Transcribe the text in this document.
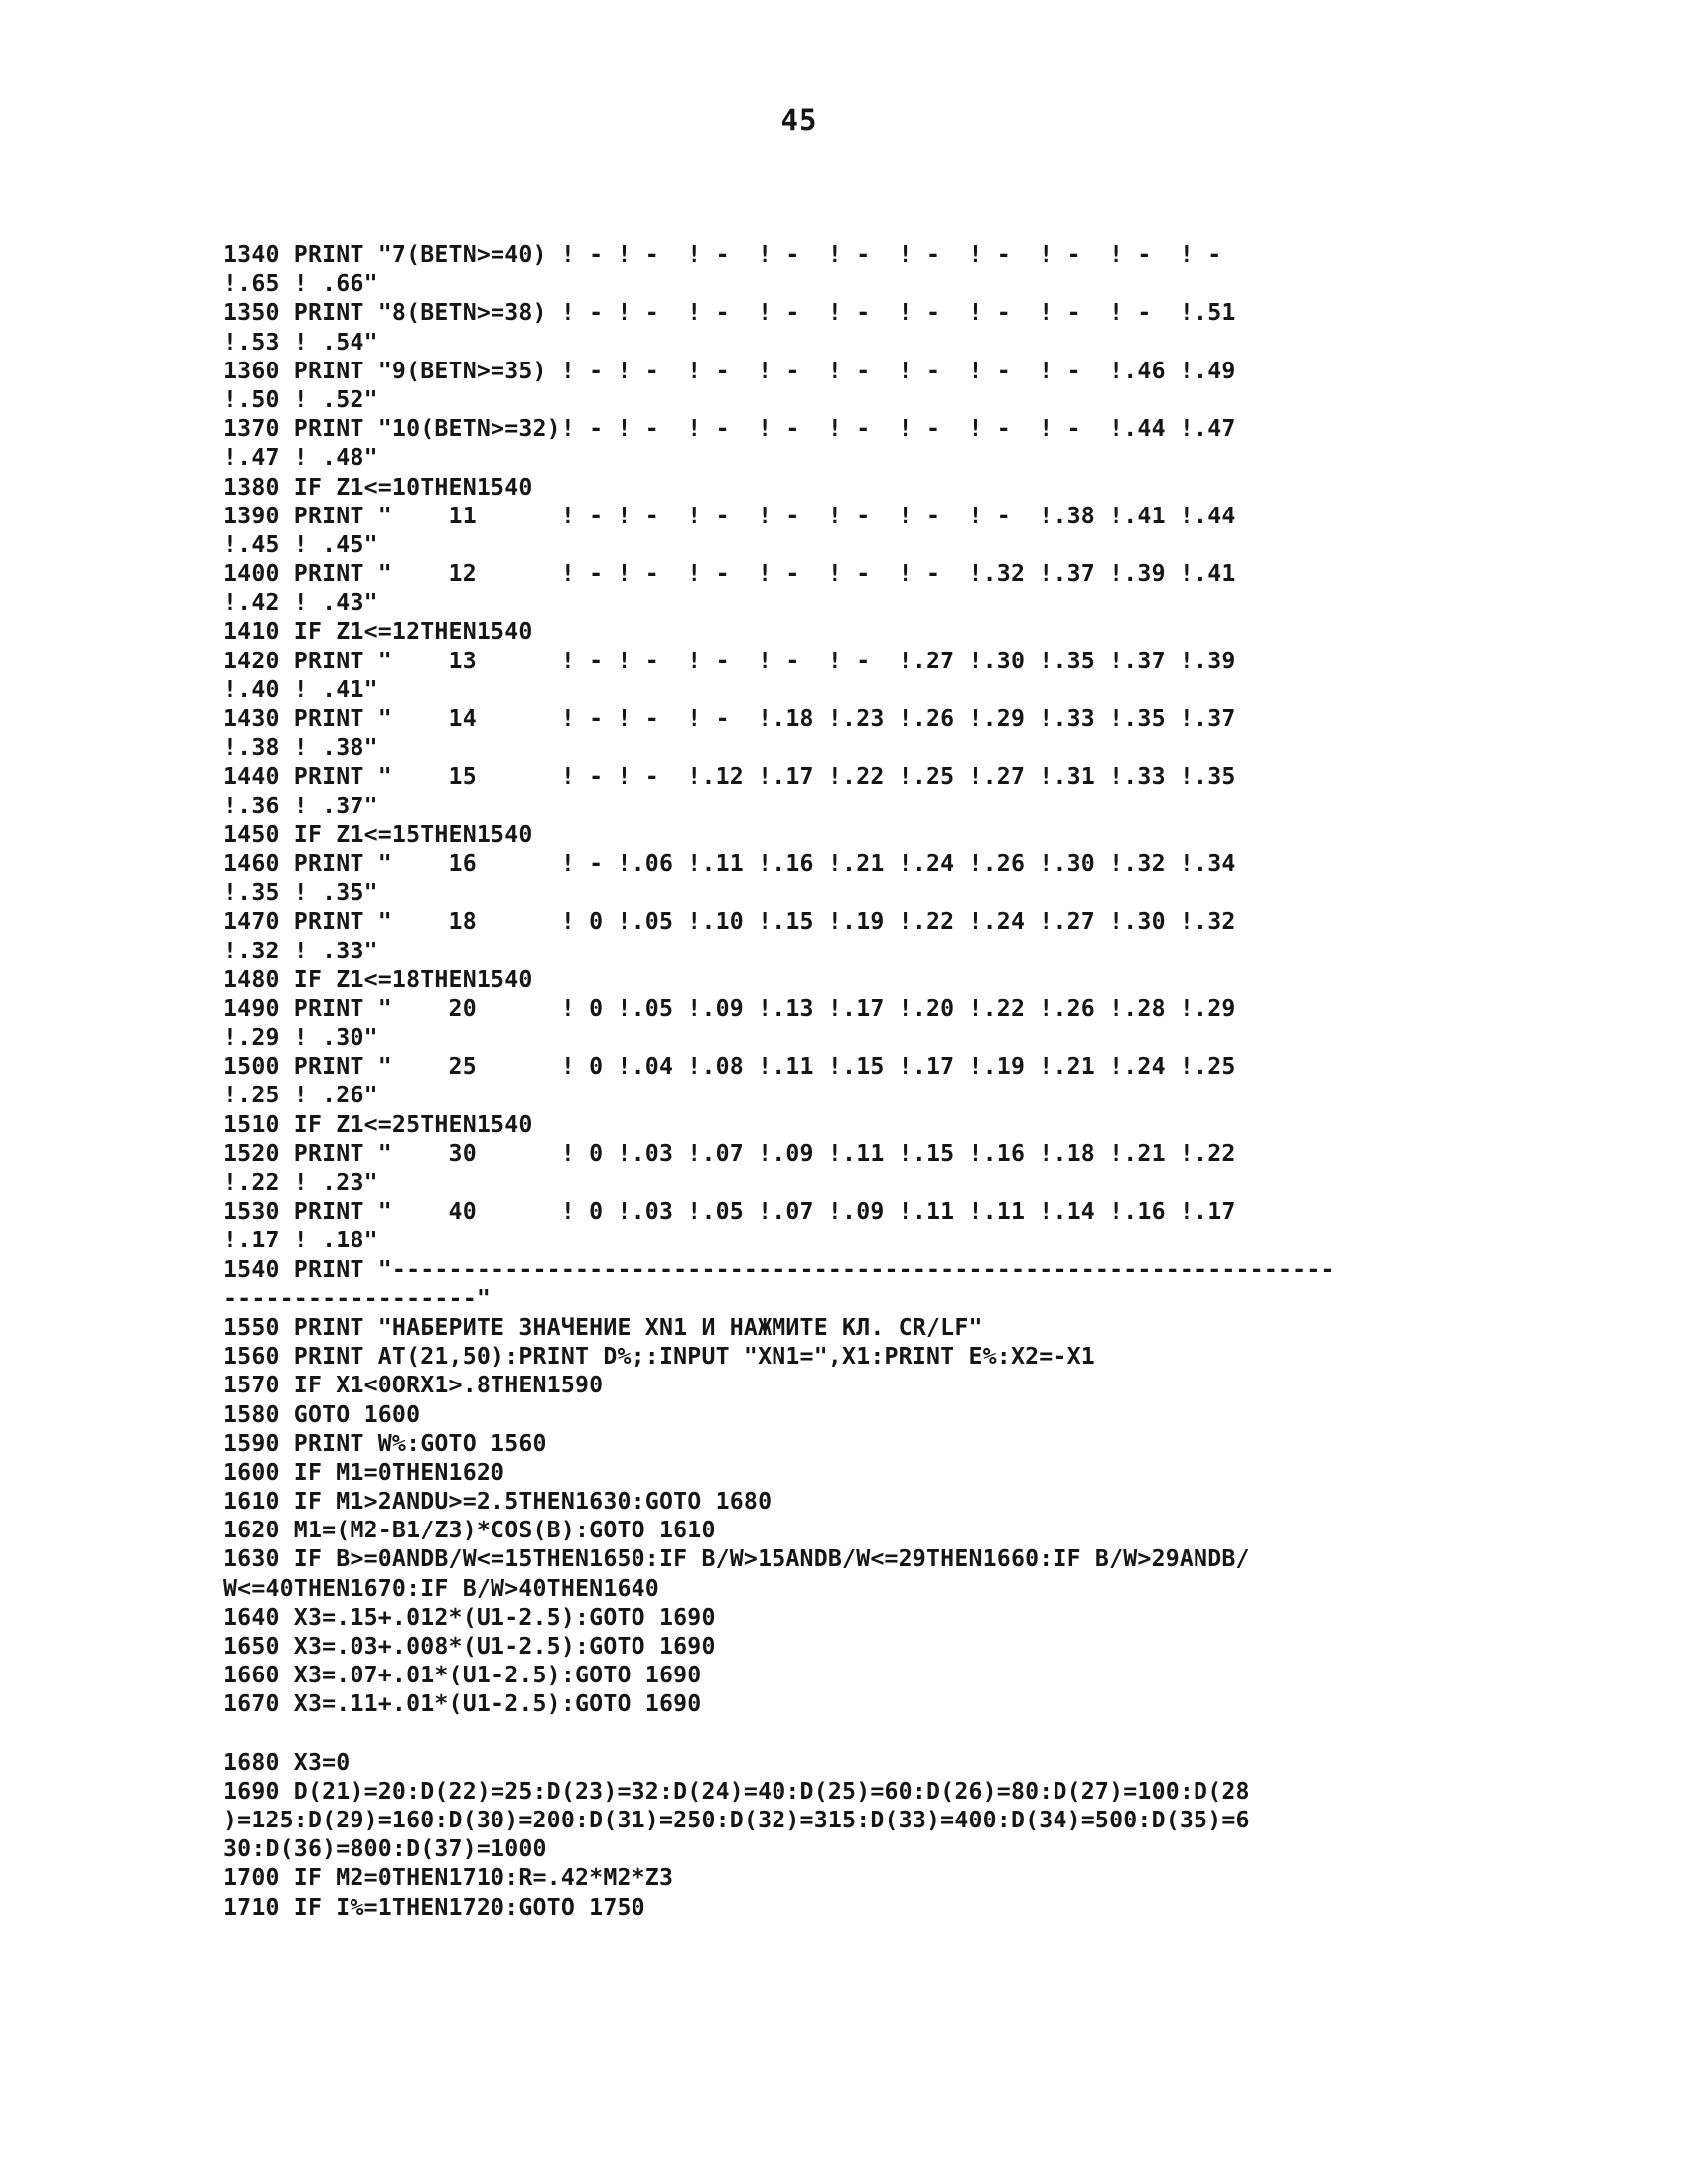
45
1340 PRINT "7(BETN>=40) ! - ! -  ! -  ! -  ! -  ! -  ! -  ! -  ! -  ! -
!.65 ! .66"
1350 PRINT "8(BETN>=38) ! - ! -  ! -  ! -  ! -  ! -  ! -  ! -  ! -  !.51
!.53 ! .54"
1360 PRINT "9(BETN>=35) ! - ! -  ! -  ! -  ! -  ! -  ! -  ! -  !.46 !.49
!.50 ! .52"
1370 PRINT "10(BETN>=32)! - ! -  ! -  ! -  ! -  ! -  ! -  ! -  !.44 !.47
!.47 ! .48"
1380 IF Z1<=10THEN1540
1390 PRINT "    11      ! - ! -  ! -  ! -  ! -  ! -  ! -  !.38 !.41 !.44
!.45 ! .45"
1400 PRINT "    12      ! - ! -  ! -  ! -  ! -  ! -  !.32 !.37 !.39 !.41
!.42 ! .43"
1410 IF Z1<=12THEN1540
1420 PRINT "    13      ! - ! -  ! -  ! -  ! -  !.27 !.30 !.35 !.37 !.39
!.40 ! .41"
1430 PRINT "    14      ! - ! -  ! -  !.18 !.23 !.26 !.29 !.33 !.35 !.37
!.38 ! .38"
1440 PRINT "    15      ! - ! -  !.12 !.17 !.22 !.25 !.27 !.31 !.33 !.35
!.36 ! .37"
1450 IF Z1<=15THEN1540
1460 PRINT "    16      ! - !.06 !.11 !.16 !.21 !.24 !.26 !.30 !.32 !.34
!.35 ! .35"
1470 PRINT "    18      ! 0 !.05 !.10 !.15 !.19 !.22 !.24 !.27 !.30 !.32
!.32 ! .33"
1480 IF Z1<=18THEN1540
1490 PRINT "    20      ! 0 !.05 !.09 !.13 !.17 !.20 !.22 !.26 !.28 !.29
!.29 ! .30"
1500 PRINT "    25      ! 0 !.04 !.08 !.11 !.15 !.17 !.19 !.21 !.24 !.25
!.25 ! .26"
1510 IF Z1<=25THEN1540
1520 PRINT "    30      ! 0 !.03 !.07 !.09 !.11 !.15 !.16 !.18 !.21 !.22
!.22 ! .23"
1530 PRINT "    40      ! 0 !.03 !.05 !.07 !.09 !.11 !.11 !.14 !.16 !.17
!.17 ! .18"
1540 PRINT "-------------------------------------------------------------------
------------------"
1550 PRINT "НАБЕРИТЕ ЗНАЧЕНИЕ XN1 И НАЖМИТЕ КЛ. CR/LF"
1560 PRINT AT(21,50):PRINT D%;:INPUT "XN1=",X1:PRINT E%:X2=-X1
1570 IF X1<0ORX1>.8THEN1590
1580 GOTO 1600
1590 PRINT W%:GOTO 1560
1600 IF M1=0THEN1620
1610 IF M1>2ANDU>=2.5THEN1630:GOTO 1680
1620 M1=(M2-B1/Z3)*COS(B):GOTO 1610
1630 IF B>=0ANDB/W<=15THEN1650:IF B/W>15ANDB/W<=29THEN1660:IF B/W>29ANDB/
W<=40THEN1670:IF B/W>40THEN1640
1640 X3=.15+.012*(U1-2.5):GOTO 1690
1650 X3=.03+.008*(U1-2.5):GOTO 1690
1660 X3=.07+.01*(U1-2.5):GOTO 1690
1670 X3=.11+.01*(U1-2.5):GOTO 1690
1680 X3=0
1690 D(21)=20:D(22)=25:D(23)=32:D(24)=40:D(25)=60:D(26)=80:D(27)=100:D(28
)=125:D(29)=160:D(30)=200:D(31)=250:D(32)=315:D(33)=400:D(34)=500:D(35)=6
30:D(36)=800:D(37)=1000
1700 IF M2=0THEN1710:R=.42*M2*Z3
1710 IF I%=1THEN1720:GOTO 1750
